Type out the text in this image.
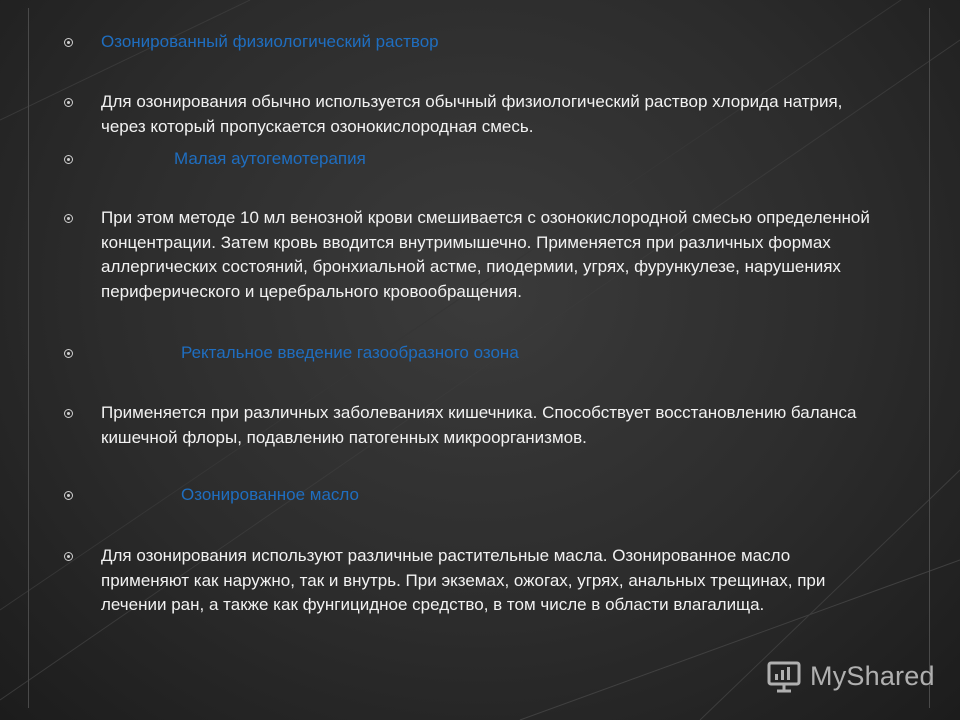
Озонированный физиологический раствор
Для озонирования обычно используется обычный физиологический раствор хлорида натрия, через который пропускается озонокислородная смесь.
Малая аутогемотерапия
При этом методе 10 мл венозной крови смешивается с озонокислородной смесью определенной концентрации. Затем кровь вводится внутримышечно. Применяется при различных формах аллергических состояний, бронхиальной астме, пиодермии, угрях, фурункулезе, нарушениях периферического и церебрального кровообращения.
Ректальное введение газообразного озона
Применяется при различных заболеваниях кишечника. Способствует восстановлению баланса кишечной флоры, подавлению патогенных микроорганизмов.
Озонированное масло
Для озонирования используют различные растительные масла. Озонированное масло применяют как наружно, так и внутрь. При экземах, ожогах, угрях, анальных трещинах, при лечении ран, а также как фунгицидное средство, в том числе в области влагалища.
MyShared
